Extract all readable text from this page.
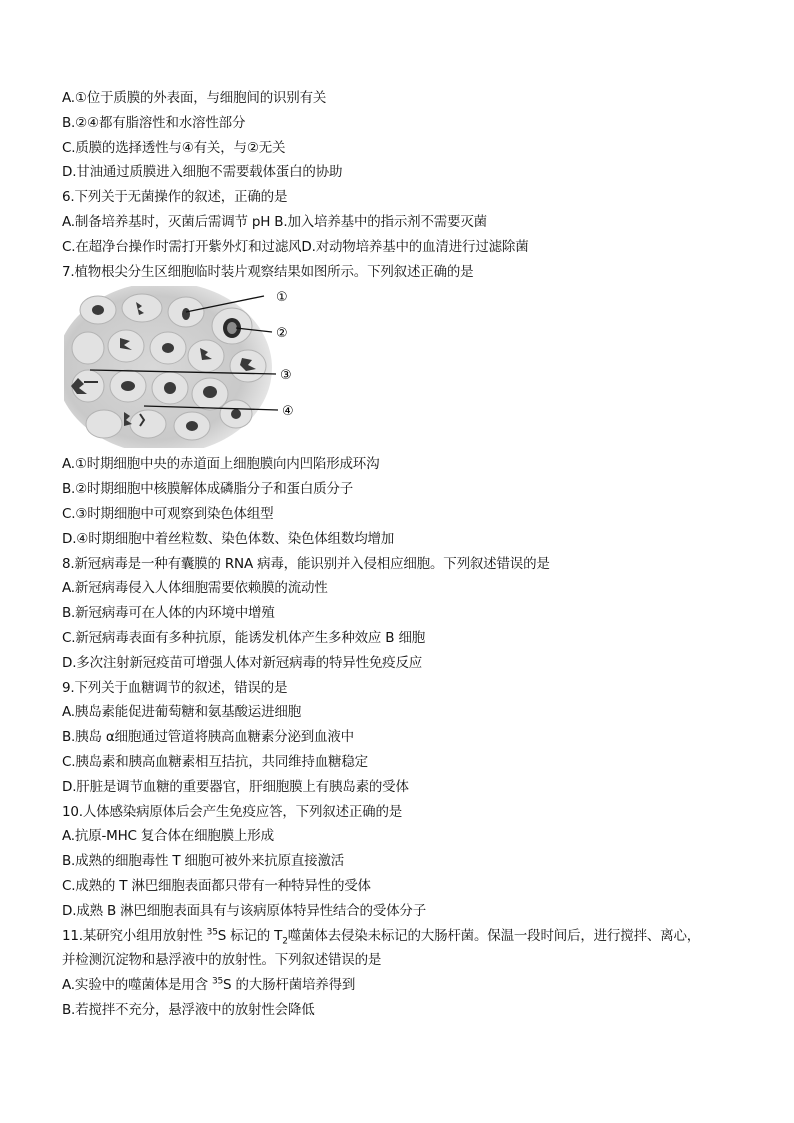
A.①位于质膜的外表面，与细胞间的识别有关
B.②④都有脂溶性和水溶性部分
C.质膜的选择透性与④有关，与②无关
D.甘油通过质膜进入细胞不需要载体蛋白的协助
6.下列关于无菌操作的叙述，正确的是
A.制备培养基时，灭菌后需调节 pH B.加入培养基中的指示剂不需要灭菌
C.在超净台操作时需打开紫外灯和过滤风D.对动物培养基中的血清进行过滤除菌
7.植物根尖分生区细胞临时装片观察结果如图所示。下列叙述正确的是
①
②
③
④
A.①时期细胞中央的赤道面上细胞膜向内凹陷形成环沟
B.②时期细胞中核膜解体成磷脂分子和蛋白质分子
C.③时期细胞中可观察到染色体组型
D.④时期细胞中着丝粒数、染色体数、染色体组数均增加
8.新冠病毒是一种有囊膜的 RNA 病毒，能识别并入侵相应细胞。下列叙述错误的是
A.新冠病毒侵入人体细胞需要依赖膜的流动性
B.新冠病毒可在人体的内环境中增殖
C.新冠病毒表面有多种抗原，能诱发机体产生多种效应 B 细胞
D.多次注射新冠疫苗可增强人体对新冠病毒的特异性免疫反应
9.下列关于血糖调节的叙述，错误的是
A.胰岛素能促进葡萄糖和氨基酸运进细胞
B.胰岛 α细胞通过管道将胰高血糖素分泌到血液中
C.胰岛素和胰高血糖素相互拮抗，共同维持血糖稳定
D.肝脏是调节血糖的重要器官，肝细胞膜上有胰岛素的受体
10.人体感染病原体后会产生免疫应答，下列叙述正确的是
A.抗原-MHC 复合体在细胞膜上形成
B.成熟的细胞毒性 T 细胞可被外来抗原直接激活
C.成熟的 T 淋巴细胞表面都只带有一种特异性的受体
D.成熟 B 淋巴细胞表面具有与该病原体特异性结合的受体分子
11.某研究小组用放射性 $^{35}$S 标记的 $T_2$噬菌体去侵染未标记的大肠杆菌。保温一段时间后，进行搅拌、离心，
并检测沉淀物和悬浮液中的放射性。下列叙述错误的是
A.实验中的噬菌体是用含 $^{35}$S 的大肠杆菌培养得到
B.若搅拌不充分，悬浮液中的放射性会降低
